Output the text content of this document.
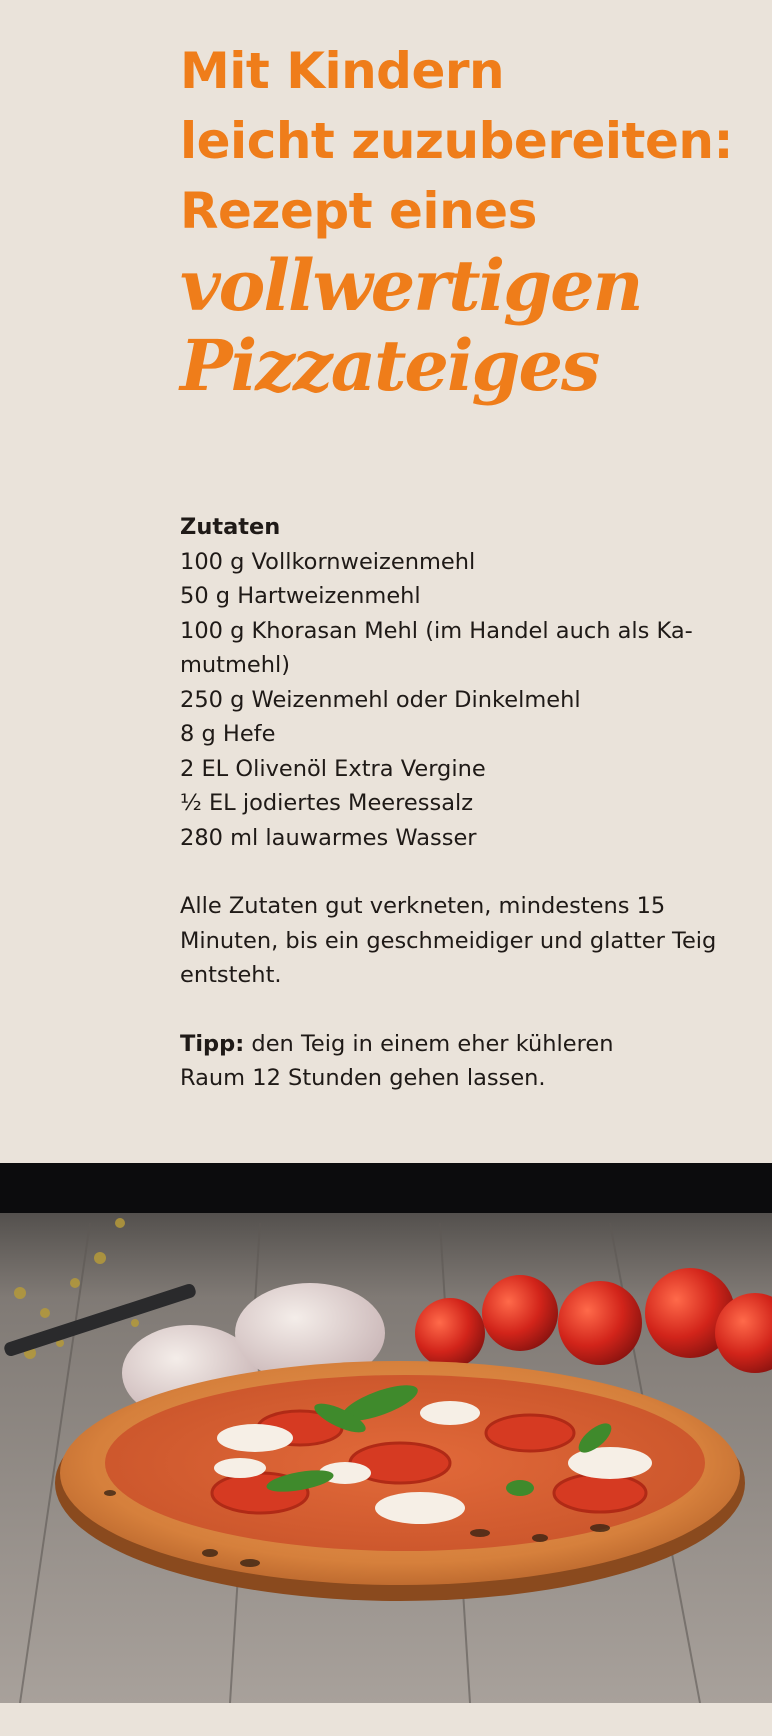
Mit Kindern
leicht zuzubereiten:
Rezept eines
vollwertigen
Pizzateiges
Zutaten
100 g Vollkornweizenmehl
50 g Hartweizenmehl
100 g Khorasan Mehl (im Handel auch als Ka-
mutmehl)
250 g Weizenmehl oder Dinkelmehl
8 g Hefe
2 EL Olivenöl Extra Vergine
½ EL jodiertes Meeressalz
280 ml lauwarmes Wasser
Alle Zutaten gut verkneten, mindestens 15
Minuten, bis ein geschmeidiger und glatter Teig
entsteht.
Tipp: den Teig in einem eher kühleren
Raum 12 Stunden gehen lassen.
